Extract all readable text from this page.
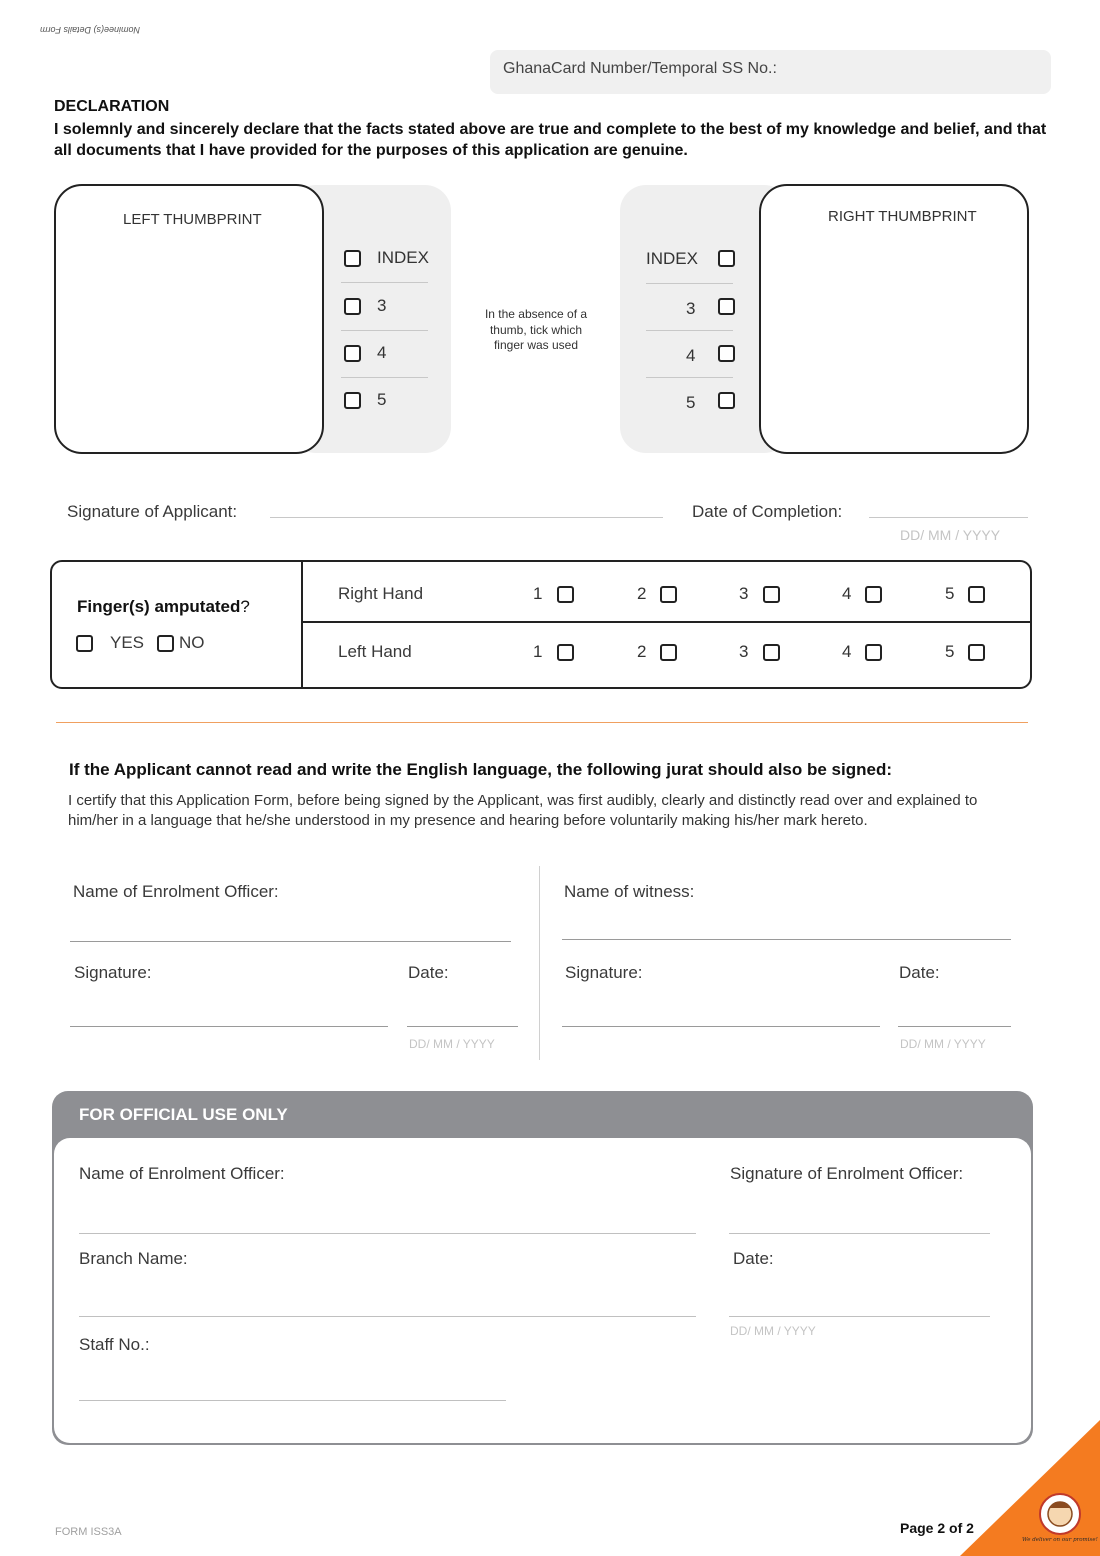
Nominee(s) Details Form
GhanaCard Number/Temporal SS No.:
DECLARATION
I solemnly and sincerely declare that the facts stated above are true and complete to the best of my knowledge and belief, and that all documents that I have provided for the purposes of this application are genuine.
LEFT THUMBPRINT
INDEX
3
4
5
In the absence of a thumb, tick which finger was used
RIGHT THUMBPRINT
INDEX
3
4
5
Signature of Applicant:	Date of Completion:
DD/ MM / YYYY
Finger(s) amputated?
YES NO
Right Hand	1	2	3	4	5
Left Hand	1	2	3	4	5
If the Applicant cannot read and write the English language, the following jurat should also be signed:
I certify that this Application Form, before being signed by the Applicant, was first audibly, clearly and distinctly read over and explained to him/her in a language that he/she understood in my presence and hearing before voluntarily making his/her mark hereto.
Name of Enrolment Officer:
Signature:	Date:
DD/ MM / YYYY
Name of witness:
Signature:	Date:
DD/ MM / YYYY
FOR OFFICIAL USE ONLY
Name of Enrolment Officer:	Signature of Enrolment Officer:
Branch Name:	Date:
DD/ MM / YYYY
Staff No.:
FORM ISS3A	Page 2 of 2
We deliver on our promise!
